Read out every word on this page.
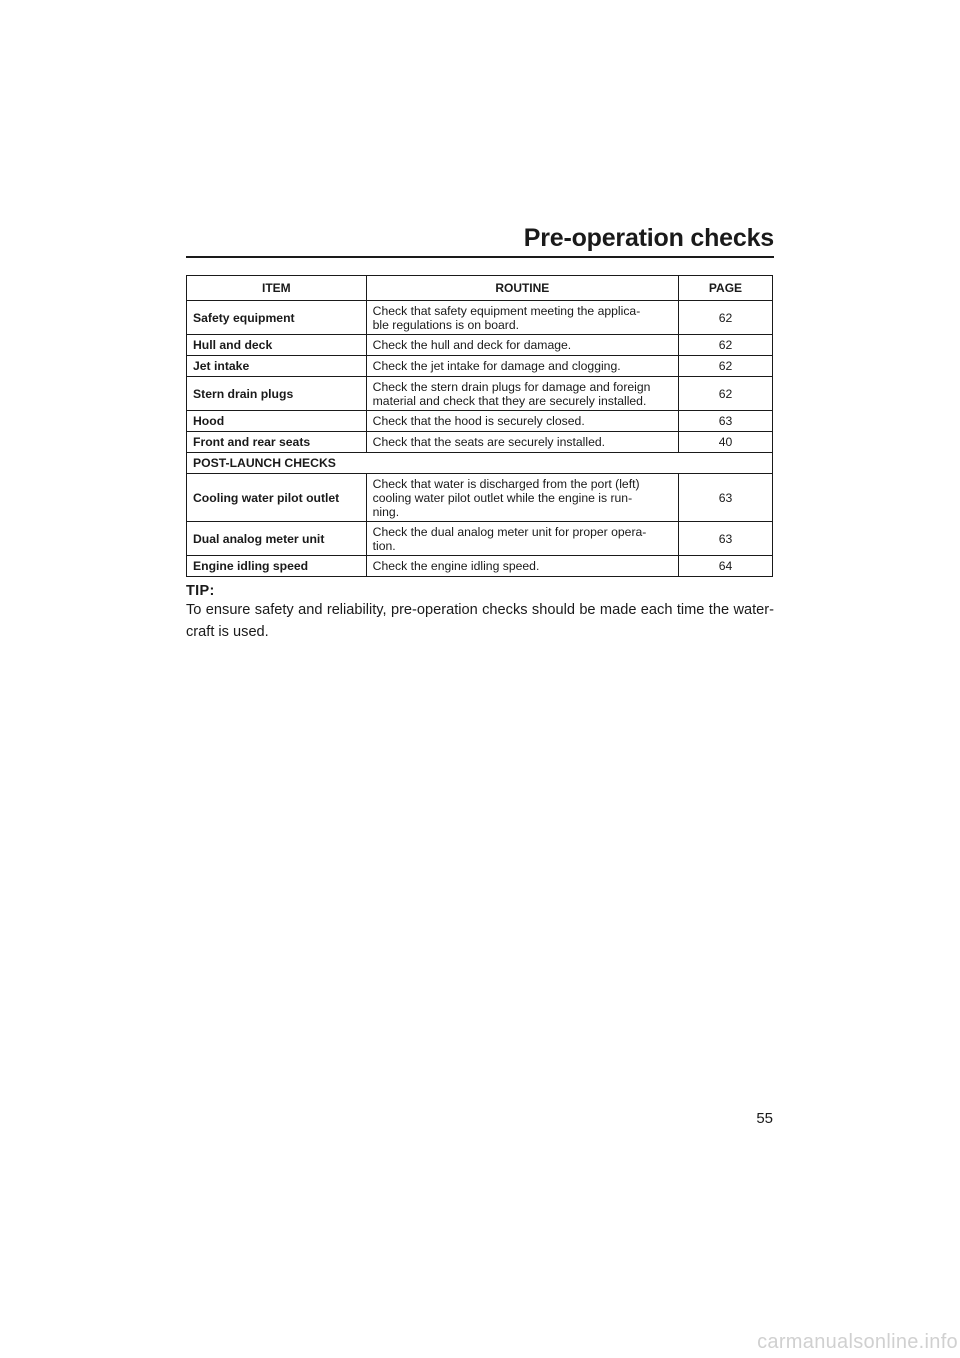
Pre-operation checks
ITEM	ROUTINE	PAGE
Safety equipment	Check that safety equipment meeting the applica-
ble regulations is on board.	62
Hull and deck	Check the hull and deck for damage.	62
Jet intake	Check the jet intake for damage and clogging.	62
Stern drain plugs	Check the stern drain plugs for damage and foreign
material and check that they are securely installed.	62
Hood	Check that the hood is securely closed.	63
Front and rear seats	Check that the seats are securely installed.	40
POST-LAUNCH CHECKS		
Cooling water pilot outlet	Check that water is discharged from the port (left)
cooling water pilot outlet while the engine is run-
ning.	63
Dual analog meter unit	Check the dual analog meter unit for proper opera-
tion.	63
Engine idling speed	Check the engine idling speed.	64
TIP:
To ensure safety and reliability, pre-operation checks should be made each time the water-craft is used.
55
carmanualsonline.info
